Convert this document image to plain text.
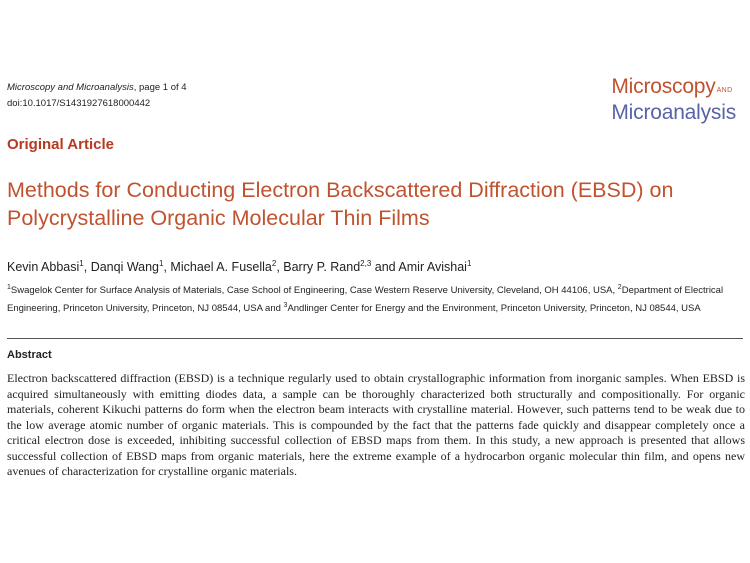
Microscopy and Microanalysis, page 1 of 4
doi:10.1017/S1431927618000442
MicroscopyAND
Microanalysis
Original Article
Methods for Conducting Electron Backscattered Diffraction (EBSD) on Polycrystalline Organic Molecular Thin Films
Kevin Abbasi$^1$, Danqi Wang$^1$, Michael A. Fusella$^2$, Barry P. Rand$^{2,3}$ and Amir Avishai$^1$
$^1$Swagelok Center for Surface Analysis of Materials, Case School of Engineering, Case Western Reserve University, Cleveland, OH 44106, USA, $^2$Department of Electrical Engineering, Princeton University, Princeton, NJ 08544, USA and $^3$Andlinger Center for Energy and the Environment, Princeton University, Princeton, NJ 08544, USA
Abstract
Electron backscattered diffraction (EBSD) is a technique regularly used to obtain crystallographic information from inorganic samples. When EBSD is acquired simultaneously with emitting diodes data, a sample can be thoroughly characterized both structurally and compositionally. For organic materials, coherent Kikuchi patterns do form when the electron beam interacts with crystalline material. However, such patterns tend to be weak due to the low average atomic number of organic materials. This is compounded by the fact that the patterns fade quickly and disappear completely once a critical electron dose is exceeded, inhibiting successful collection of EBSD maps from them. In this study, a new approach is presented that allows successful collection of EBSD maps from organic materials, here the extreme example of a hydrocarbon organic molecular thin film, and opens new avenues of characterization for crystalline organic materials.
